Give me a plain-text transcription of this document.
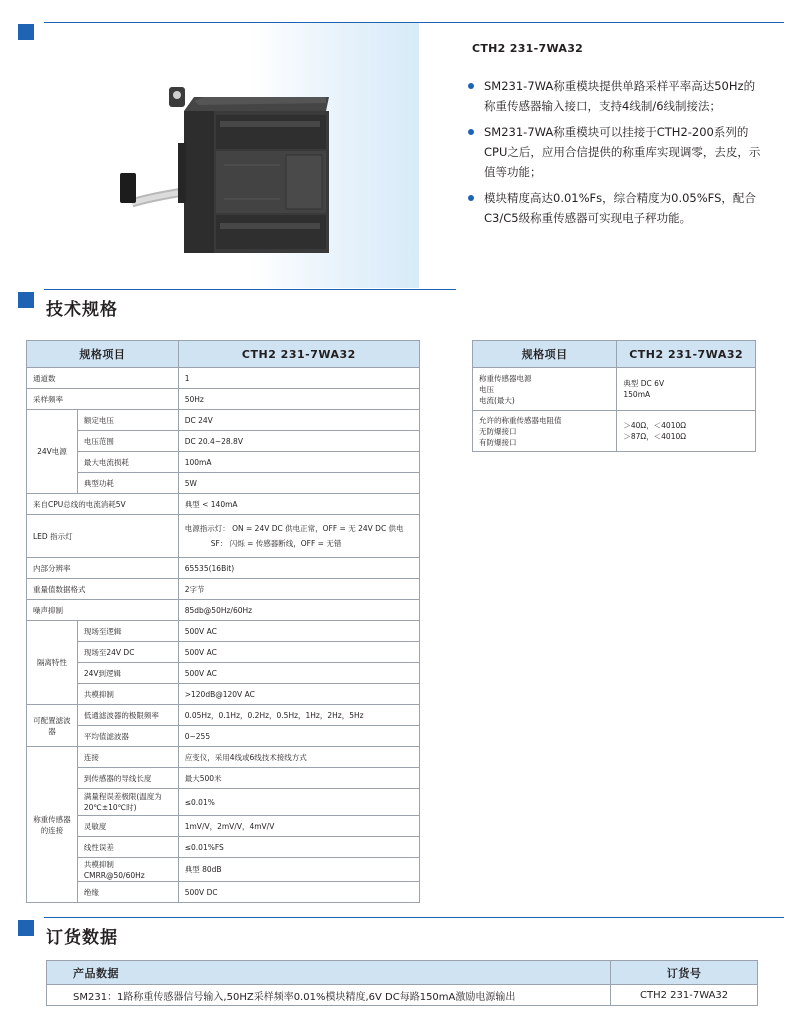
CTH2 231-7WA32
SM231-7WA称重模块提供单路采样平率高达50Hz的称重传感器输入接口，支持4线制/6线制接法；
SM231-7WA称重模块可以挂接于CTH2-200系列的CPU之后，应用合信提供的称重库实现调零，去皮，示值等功能；
模块精度高达0.01%Fs，综合精度为0.05%FS，配合C3/C5级称重传感器可实现电子秤功能。
技术规格
规格项目		CTH2 231-7WA32
通道数		1
采样频率		50Hz
24V电源	额定电压	DC 24V
	电压范围	DC 20.4~28.8V
	最大电流损耗	100mA
	典型功耗	5W
来自CPU总线的电流消耗5V		典型 < 140mA
LED 指示灯		电源指示灯： ON = 24V DC 供电正常，OFF = 无 24V DC 供电
SF： 闪烁 = 传感器断线，OFF = 无错

内部分辨率		65535(16Bit)
重量值数据格式		2字节
噪声抑制		85db@50Hz/60Hz
隔离特性	现场至逻辑	500V AC
	现场至24V DC	500V AC
	24V到逻辑	500V AC
	共模抑制	>120dB@120V AC
可配置滤波器	低通滤波器的极限频率	0.05Hz，0.1Hz，0.2Hz，0.5Hz，1Hz，2Hz，5Hz
	平均值滤波器	0~255

称重传感器
的连接	连接	应变仪，采用4线或6线技术接线方式
	到传感器的导线长度	最大500米

	满量程误差极限(温度为
20℃±10℃时)	≤0.01%
	灵敏度	1mV/V，2mV/V，4mV/V
	线性误差	≤0.01%FS

	共模抑制
CMRR@50/60Hz	典型 80dB
	绝缘	500V DC
规格项目	CTH2 231-7WA32

称重传感器电源
电压
电流(最大)	典型 DC 6V
150mA

允许的称重传感器电阻值
无防爆接口
有防爆接口	＞40Ω，＜4010Ω
＞87Ω，＜4010Ω
订货数据
产品数据	订货号
SM231：1路称重传感器信号输入,50HZ采样频率0.01%模块精度,6V DC每路150mA激励电源输出	CTH2 231-7WA32
